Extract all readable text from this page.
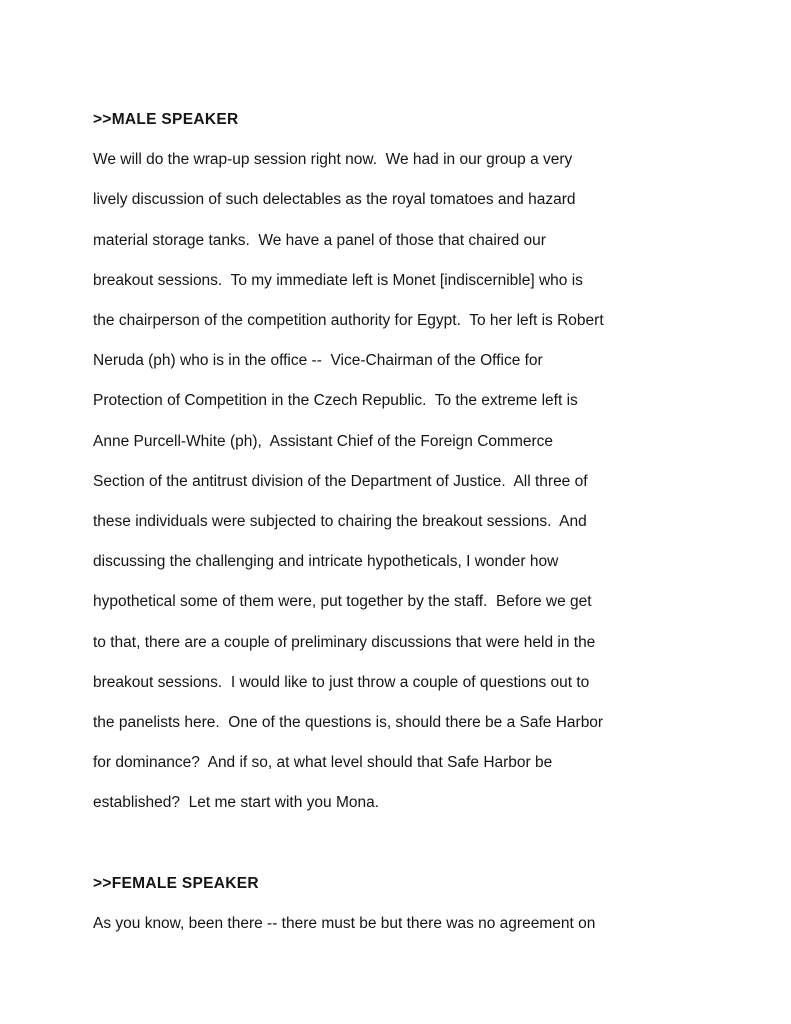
>>MALE SPEAKER
We will do the wrap-up session right now.  We had in our group a very
lively discussion of such delectables as the royal tomatoes and hazard
material storage tanks.  We have a panel of those that chaired our
breakout sessions.  To my immediate left is Monet [indiscernible] who is
the chairperson of the competition authority for Egypt.  To her left is Robert
Neruda (ph) who is in the office --  Vice-Chairman of the Office for
Protection of Competition in the Czech Republic.  To the extreme left is
Anne Purcell-White (ph),  Assistant Chief of the Foreign Commerce
Section of the antitrust division of the Department of Justice.  All three of
these individuals were subjected to chairing the breakout sessions.  And
discussing the challenging and intricate hypotheticals, I wonder how
hypothetical some of them were, put together by the staff.  Before we get
to that, there are a couple of preliminary discussions that were held in the
breakout sessions.  I would like to just throw a couple of questions out to
the panelists here.  One of the questions is, should there be a Safe Harbor
for dominance?  And if so, at what level should that Safe Harbor be
established?  Let me start with you Mona.
>>FEMALE SPEAKER
As you know, been there -- there must be but there was no agreement on
